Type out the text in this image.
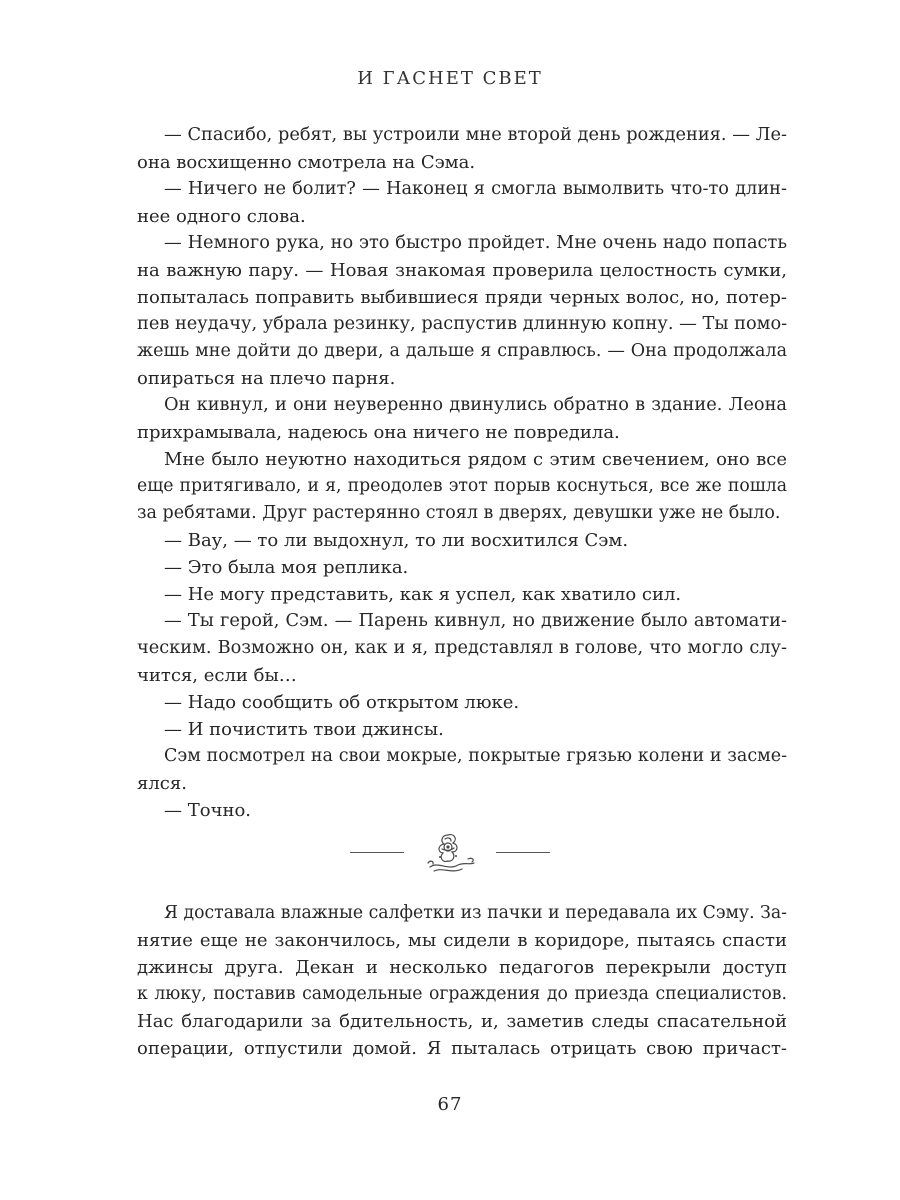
И ГАСНЕТ СВЕТ
— Спасибо, ребят, вы устроили мне второй день рождения. — Ле-
она восхищенно смотрела на Сэма.
— Ничего не болит? — Наконец я смогла вымолвить что-то длин-
нее одного слова.
— Немного рука, но это быстро пройдет. Мне очень надо попасть
на важную пару. — Новая знакомая проверила целостность сумки,
попыталась поправить выбившиеся пряди черных волос, но, потер-
пев неудачу, убрала резинку, распустив длинную копну. — Ты помо-
жешь мне дойти до двери, а дальше я справлюсь. — Она продолжала
опираться на плечо парня.
Он кивнул, и они неуверенно двинулись обратно в здание. Леона
прихрамывала, надеюсь она ничего не повредила.
Мне было неуютно находиться рядом с этим свечением, оно все
еще притягивало, и я, преодолев этот порыв коснуться, все же пошла
за ребятами. Друг растерянно стоял в дверях, девушки уже не было.
— Вау, — то ли выдохнул, то ли восхитился Сэм.
— Это была моя реплика.
— Не могу представить, как я успел, как хватило сил.
— Ты герой, Сэм. — Парень кивнул, но движение было автомати-
ческим. Возможно он, как и я, представлял в голове, что могло слу-
чится, если бы…
— Надо сообщить об открытом люке.
— И почистить твои джинсы.
Сэм посмотрел на свои мокрые, покрытые грязью колени и засме-
ялся.
— Точно.
Я доставала влажные салфетки из пачки и передавала их Сэму. За-
нятие еще не закончилось, мы сидели в коридоре, пытаясь спасти
джинсы друга. Декан и несколько педагогов перекрыли доступ
к люку, поставив самодельные ограждения до приезда специалистов.
Нас благодарили за бдительность, и, заметив следы спасательной
операции, отпустили домой. Я пыталась отрицать свою причаст-
67
